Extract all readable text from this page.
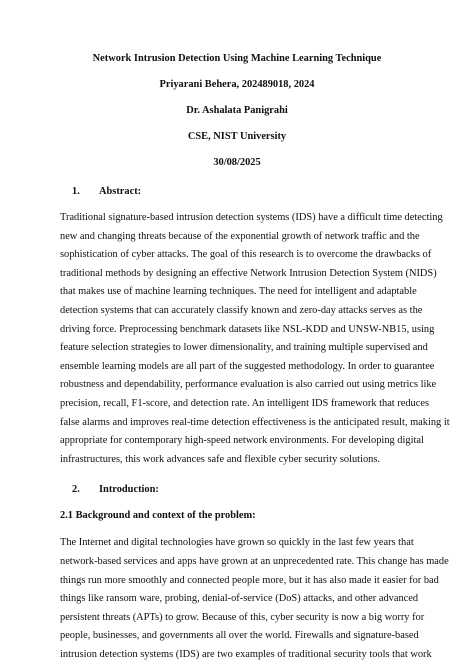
Network Intrusion Detection Using Machine Learning Technique

Priyarani Behera, 202489018, 2024

Dr. Ashalata Panigrahi

CSE, NIST University

30/08/2025

1.	Abstract:
Traditional signature-based intrusion detection systems (IDS) have a difficult time detecting
new and changing threats because of the exponential growth of network traffic and the
sophistication of cyber attacks. The goal of this research is to overcome the drawbacks of
traditional methods by designing an effective Network Intrusion Detection System (NIDS)
that makes use of machine learning techniques. The need for intelligent and adaptable
detection systems that can accurately classify known and zero-day attacks serves as the
driving force. Preprocessing benchmark datasets like NSL-KDD and UNSW-NB15, using
feature selection strategies to lower dimensionality, and training multiple supervised and
ensemble learning models are all part of the suggested methodology. In order to guarantee
robustness and dependability, performance evaluation is also carried out using metrics like
precision, recall, F1-score, and detection rate. An intelligent IDS framework that reduces
false alarms and improves real-time detection effectiveness is the anticipated result, making it
appropriate for contemporary high-speed network environments. For developing digital
infrastructures, this work advances safe and flexible cyber security solutions.
2.	Introduction:

2.1 Background and context of the problem:

The Internet and digital technologies have grown so quickly in the last few years that
network-based services and apps have grown at an unprecedented rate. This change has made
things run more smoothly and connected people more, but it has also made it easier for bad
things like ransom ware, probing, denial-of-service (DoS) attacks, and other advanced
persistent threats (APTs) to grow. Because of this, cyber security is now a big worry for
people, businesses, and governments all over the world. Firewalls and signature-based
intrusion detection systems (IDS) are two examples of traditional security tools that work
